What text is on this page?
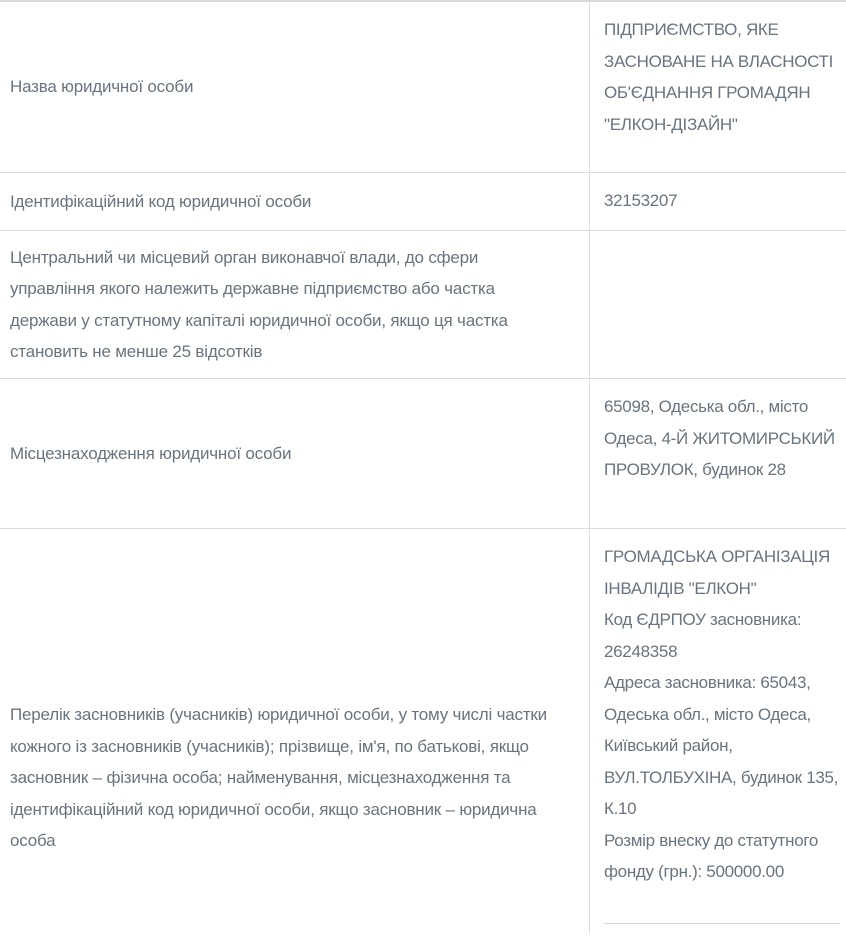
Назва юридичної особи
ПІДПРИЄМСТВО, ЯКЕ ЗАСНОВАНЕ НА ВЛАСНОСТІ ОБ'ЄДНАННЯ ГРОМАДЯН "ЕЛКОН-ДІЗАЙН"
Ідентифікаційний код юридичної особи	32153207
Центральний чи місцевий орган виконавчої влади, до сфери управління якого належить державне підприємство або частка держави у статутному капіталі юридичної особи, якщо ця частка становить не менше 25 відсотків
Місцезнаходження юридичної особи
65098, Одеська обл., місто Одеса, 4-Й ЖИТОМИРСЬКИЙ ПРОВУЛОК, будинок 28
Перелік засновників (учасників) юридичної особи, у тому числі частки кожного із засновників (учасників); прізвище, ім'я, по батькові, якщо засновник – фізична особа; найменування, місцезнаходження та ідентифікаційний код юридичної особи, якщо засновник – юридична особа
ГРОМАДСЬКА ОРГАНІЗАЦІЯ ІНВАЛІДІВ "ЕЛКОН"
Код ЄДРПОУ засновника: 26248358
Адреса засновника: 65043, Одеська обл., місто Одеса, Київський район, ВУЛ.ТОЛБУХІНА, будинок 135, К.10
Розмір внеску до статутного фонду (грн.): 500000.00
